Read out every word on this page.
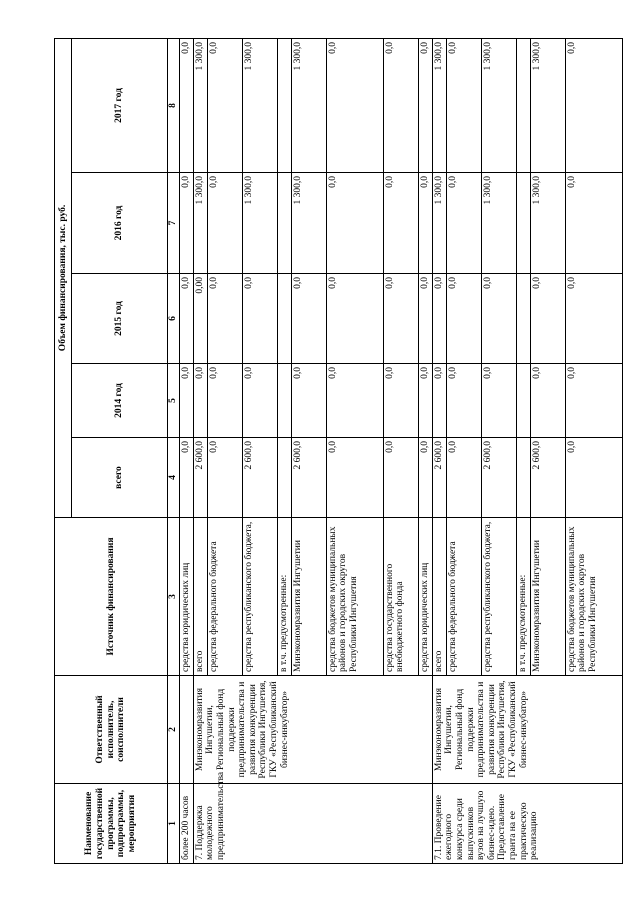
Наименование государственной программы, подпрограммы, мероприятия	Ответственный исполнитель, соисполнители	Источник финансирования	Объем финансирования, тыс. руб.				
			всего	2014 год	2015 год	2016 год	2017 год
1	2	3	4	5	6	7	8
более 200 часов		средства юридических лиц	0,0	0,0	0,0	0,0	0,0
7. Поддержка молодежного предпринимательства	Минэкономразвития Ингушетии, Региональный фонд поддержки предпринимательства и развития конкуренции Республики Ингушетия, ГКУ «Республиканский бизнес-инкубатор»	всего	2 600,0	0,0	0,00	1 300,0	1 300,0
		средства федерального бюджета	0,0	0,0	0,0	0,0	0,0
		средства республиканского бюджета,	2 600,0	0,0	0,0	1 300,0	1 300,0
		в т.ч. предусмотренные:					
		Минэкономразвития Ингушетии	2 600,0	0,0	0,0	1 300,0	1 300,0
		средства бюджетов муниципальных районов и городских округов Республики Ингушетия	0,0	0,0	0,0	0,0	0,0
		средства государственного внебюджетного фонда	0,0	0,0	0,0	0,0	0,0
		средства юридических лиц	0,0	0,0	0,0	0,0	0,0
7.1. Проведение ежегодного конкурса среди выпускников вузов на лучшую бизнес-идею. Предоставление гранта на ее практическую реализацию	Минэкономразвития Ингушетии, Региональный фонд поддержки предпринимательства и развития конкуренции Республики Ингушетия, ГКУ «Республиканский бизнес-инкубатор»	всего	2 600,0	0,0	0,0	1 300,0	1 300,0
		средства федерального бюджета	0,0	0,0	0,0	0,0	0,0
		средства республиканского бюджета,	2 600,0	0,0	0,0	1 300,0	1 300,0
		в т.ч. предусмотренные:					
		Минэкономразвития Ингушетии	2 600,0	0,0	0,0	1 300,0	1 300,0
		средства бюджетов муниципальных районов и городских округов Республики Ингушетия	0,0	0,0	0,0	0,0	0,0
